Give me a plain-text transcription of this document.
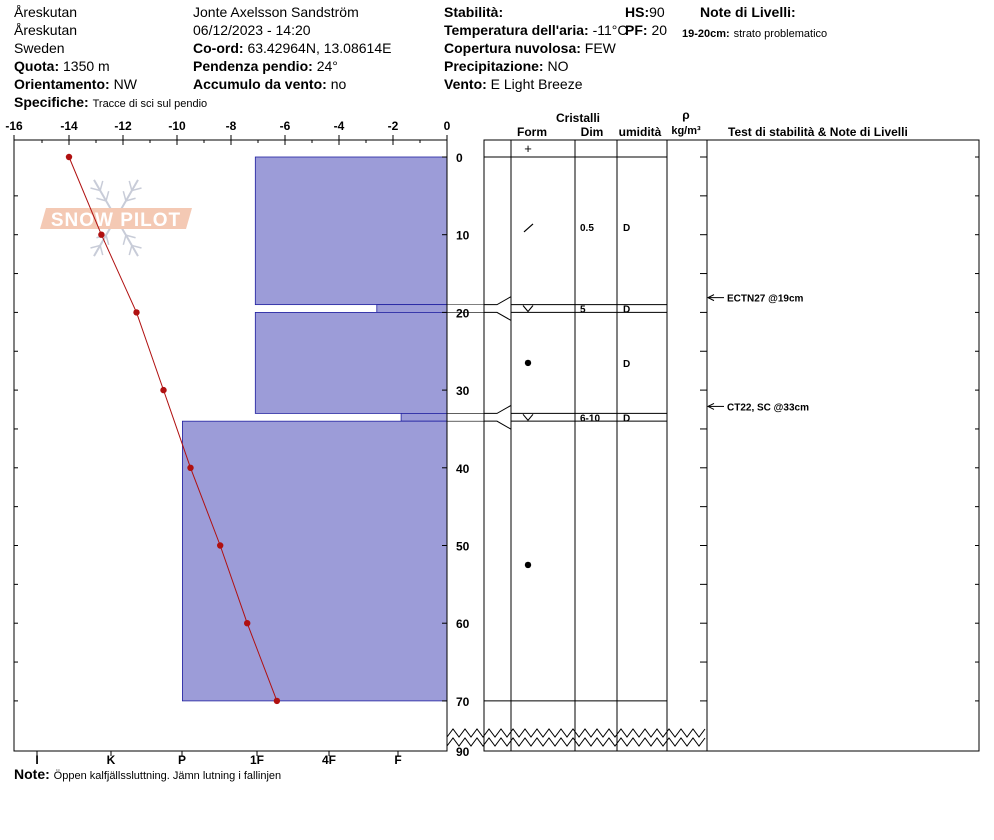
Åreskutan
Åreskutan
Sweden
Quota: 1350 m
Orientamento: NW
Specifiche: Tracce di sci sul pendio
Jonte Axelsson Sandström
06/12/2023 - 14:20
Co-ord: 63.42964N, 13.08614E
Pendenza pendio: 24°
Accumulo da vento: no
Stabilità:
Temperatura dell'aria: -11°C
Copertura nuvolosa: FEW
Precipitazione: NO
Vento: E Light Breeze
HS:90
PF: 20
Note di Livelli:
19-20cm: strato problematico
Note: Öppen kalfjällssluttning. Jämn lutning i fallinjen
SNOW PILOT
-16	-14	-12	-10	-8	-6	-4	-2	0
0
10
20
30
40
50
60
70
90
I	K	P	1F	4F	F
+
0.5	D
5	D
D
6-10 D
ECTN27 @19cm
CT22, SC @33cm
Cristalli
Form	Dim umidità
ρ
kg/m³ Test di stabilità & Note di Livelli
